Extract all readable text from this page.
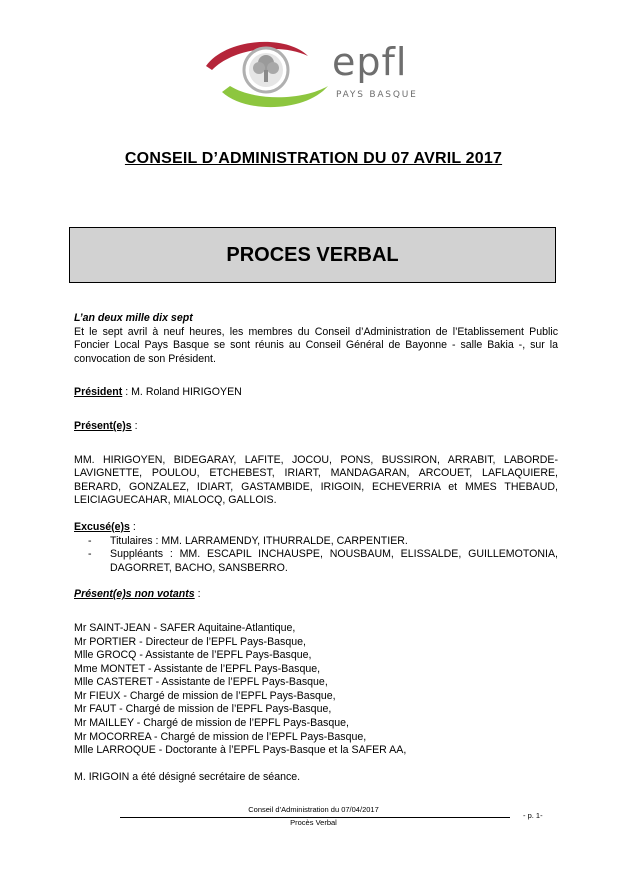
epfl
PAYS BASQUE
CONSEIL D’ADMINISTRATION DU 07 AVRIL 2017
PROCES VERBAL

L’an deux mille dix sept

Et le sept avril à neuf heures, les membres du Conseil d’Administration de l’Etablissement Public Foncier Local Pays Basque se sont réunis au Conseil Général de Bayonne - salle Bakia -, sur la convocation de son Président.

Président : M. Roland HIRIGOYEN

Présent(e)s :

MM. HIRIGOYEN, BIDEGARAY, LAFITE, JOCOU, PONS, BUSSIRON, ARRABIT, LABORDE-LAVIGNETTE, POULOU, ETCHEBEST, IRIART, MANDAGARAN, ARCOUET, LAFLAQUIERE, BERARD, GONZALEZ, IDIART, GASTAMBIDE, IRIGOIN, ECHEVERRIA et MMES THEBAUD, LEICIAGUECAHAR, MIALOCQ, GALLOIS.

Excusé(e)s :

- Titulaires : MM. LARRAMENDY, ITHURRALDE, CARPENTIER.
- Suppléants : MM. ESCAPIL INCHAUSPE, NOUSBAUM, ELISSALDE, GUILLEMOTONIA, DAGORRET, BACHO, SANSBERRO.

Présent(e)s non votants :

Mr SAINT-JEAN - SAFER Aquitaine-Atlantique,

Mr PORTIER - Directeur de l’EPFL Pays-Basque,

Mlle GROCQ - Assistante de l’EPFL Pays-Basque,

Mme MONTET - Assistante de l’EPFL Pays-Basque,

Mlle CASTERET - Assistante de l’EPFL Pays-Basque,

Mr FIEUX - Chargé de mission de l’EPFL Pays-Basque,

Mr FAUT - Chargé de mission de l’EPFL Pays-Basque,

Mr MAILLEY - Chargé de mission de l’EPFL Pays-Basque,

Mr MOCORREA - Chargé de mission de l’EPFL Pays-Basque,

Mlle LARROQUE - Doctorante à l’EPFL Pays-Basque et la SAFER AA,

M. IRIGOIN a été désigné secrétaire de séance.

Conseil d’Administration du 07/04/2017
Procès Verbal
- p. 1-
